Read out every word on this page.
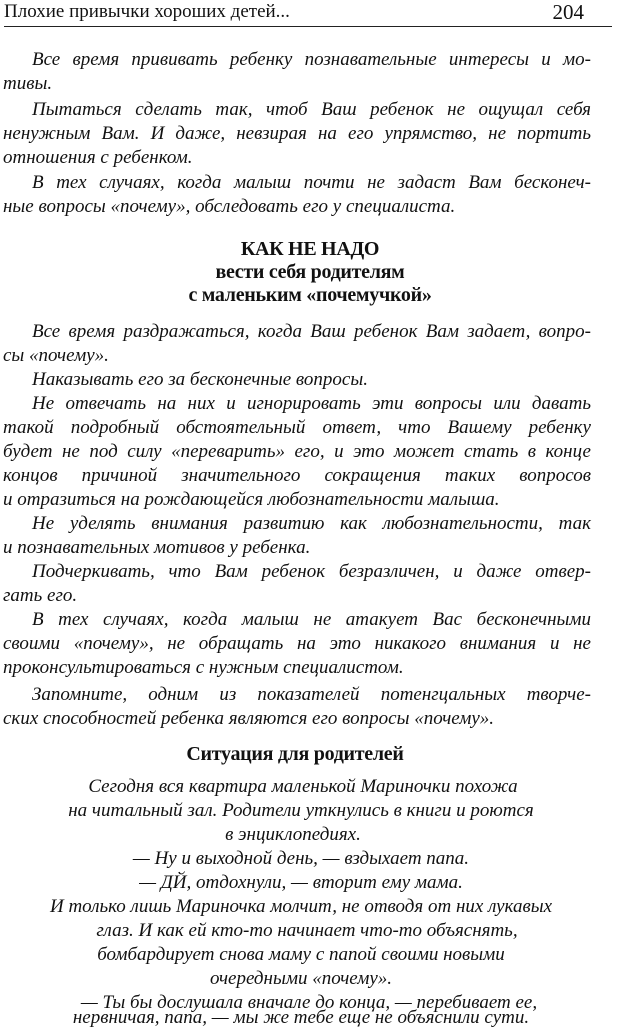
Плохие привычки хороших детей...	204
Все время прививать ребенку познавательные интересы и мо-
тивы.
Пытаться сделать так, чтоб Ваш ребенок не ощущал себя
ненужным Вам. И даже, невзирая на его упрямство, не портить
отношения с ребенком.
В тех случаях, когда малыш почти не задаст Вам бесконеч-
ные вопросы «почему», обследовать его у специалиста.
КАК НЕ НАДО
вести себя родителям
с маленьким «почемучкой»
Все время раздражаться, когда Ваш ребенок Вам задает, вопро-
сы «почему».
Наказывать его за бесконечные вопросы.
Не отвечать на них и игнорировать эти вопросы или давать
такой подробный обстоятельный ответ, что Вашему ребенку
будет не под силу «переварить» его, и это может стать в конце
концов причиной значительного сокращения таких вопросов
и отразиться на рождающейся любознательности малыша.
Не уделять внимания развитию как любознательности, так
и познавательных мотивов у ребенка.
Подчеркивать, что Вам ребенок безразличен, и даже отвер-
гать его.
В тех случаях, когда малыш не атакует Вас бесконечными
своими «почему», не обращать на это никакого внимания и не
проконсультироваться с нужным специалистом.
Запомните, одним из показателей потенгцальных творче-
ских способностей ребенка являются его вопросы «почему».
Ситуация для родителей
Сегодня вся квартира маленькой Мариночки похожа
на читальный зал. Родители уткнулись в книги и роются
в энциклопедиях.
— Ну и выходной день, — вздыхает папа.
— ДЙ, отдохнули, — вторит ему мама.
И только лишь Мариночка молчит, не отводя от них лукавых
глаз. И как ей кто-то начинает что-то объяснять,
бомбардирует снова маму с папой своими новыми
очередными «почему».
— Ты бы дослушала вначале до конца, — перебивает ее,
нервничая, папа, — мы же тебе еще не объяснили сути.
